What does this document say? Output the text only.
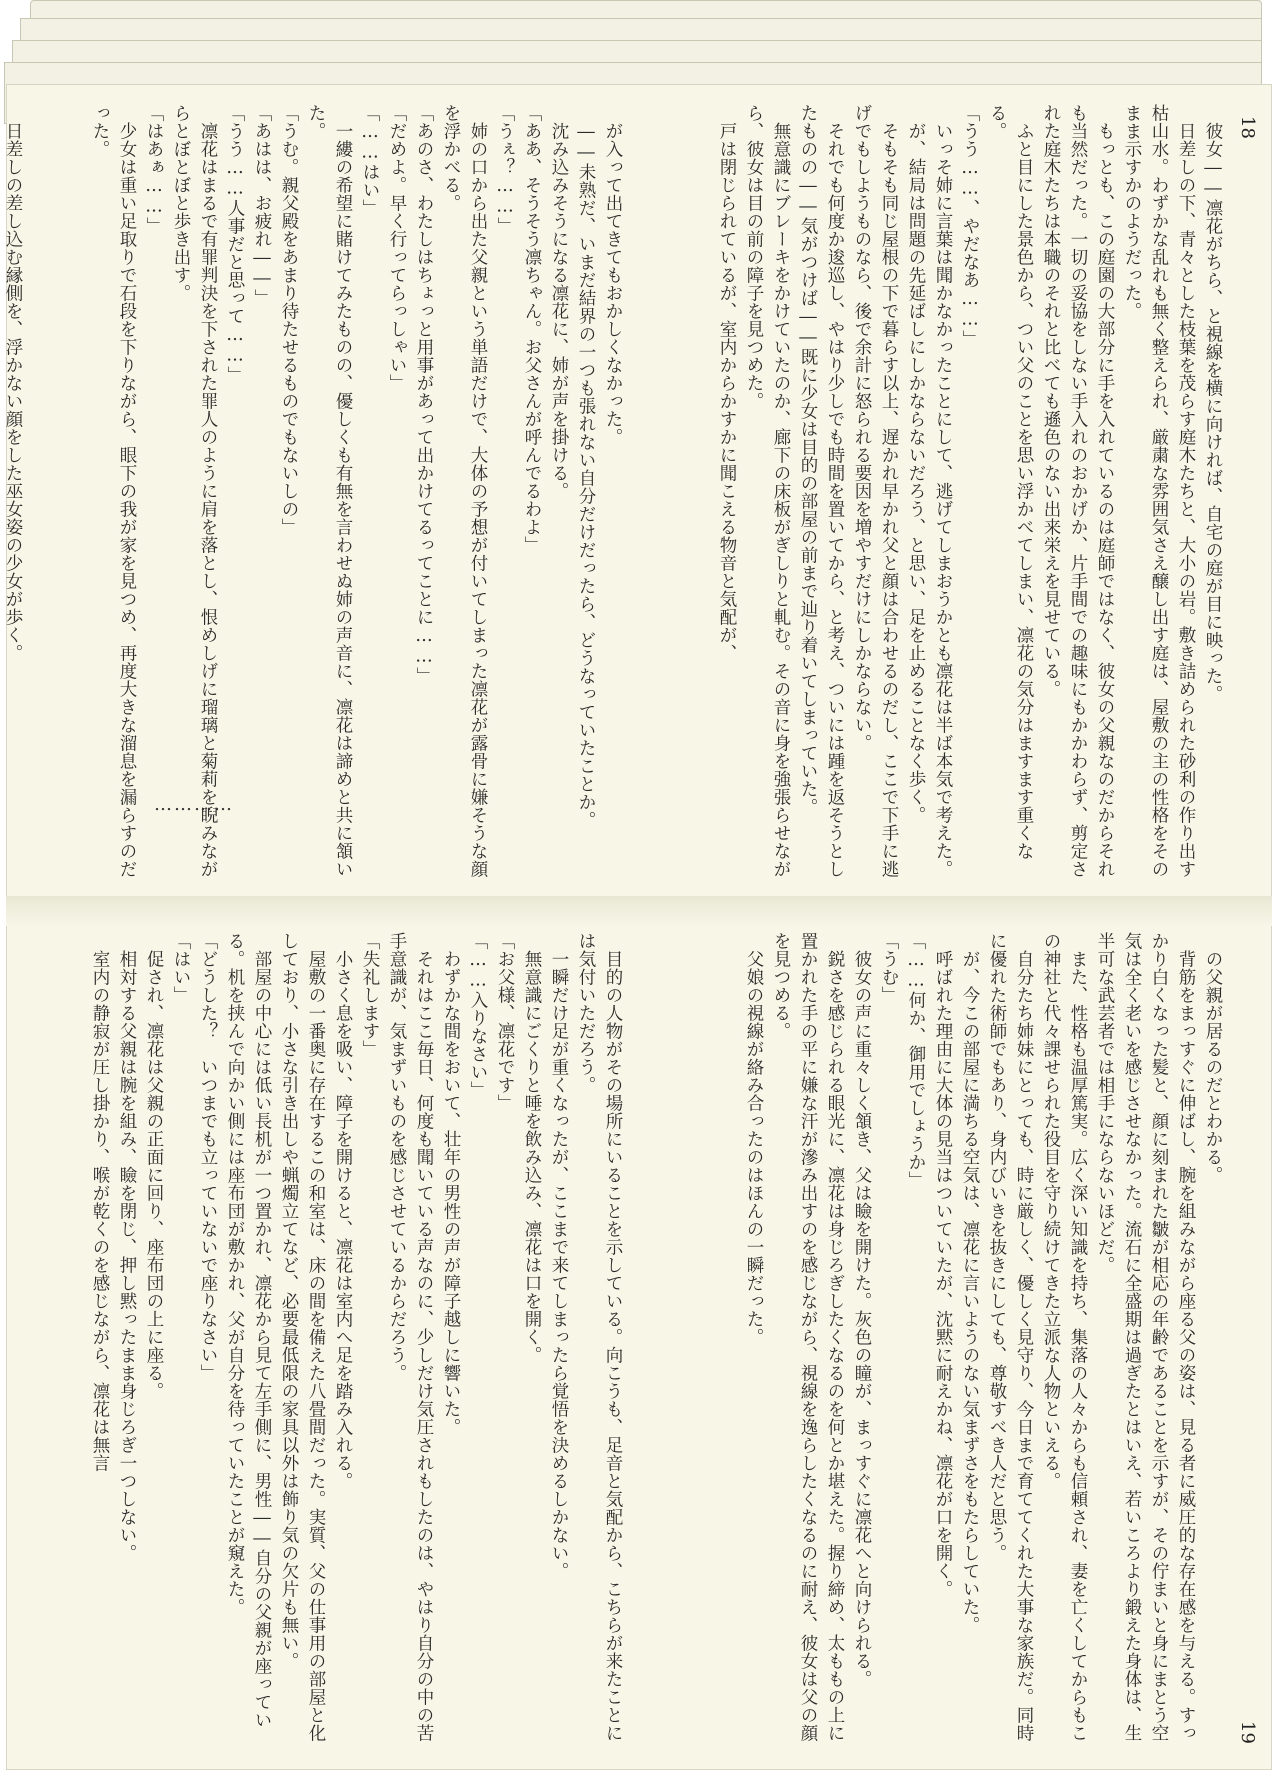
18

彼女――凛花がちら、と視線を横に向ければ、自宅の庭が目に映った。

日差しの下、青々とした枝葉を茂らす庭木たちと、大小の岩。敷き詰められた砂利の作り出す枯山水。わずかな乱れも無く整えられ、厳粛な雰囲気さえ醸し出す庭は、屋敷の主の性格をそのまま示すかのようだった。

もっとも、この庭園の大部分に手を入れているのは庭師ではなく、彼女の父親なのだからそれも当然だった。一切の妥協をしない手入れのおかげか、片手間での趣味にもかかわらず、剪定された庭木たちは本職のそれと比べても遜色のない出来栄えを見せている。

ふと目にした景色から、つい父のことを思い浮かべてしまい、凛花の気分はますます重くなる。

「うう……、やだなあ……」

いっそ姉に言葉は聞かなかったことにして、逃げてしまおうかとも凛花は半ば本気で考えた。

が、結局は問題の先延ばしにしかならないだろう、と思い、足を止めることなく歩く。

そもそも同じ屋根の下で暮らす以上、遅かれ早かれ父と顔は合わせるのだし、ここで下手に逃げでもしようものなら、後で余計に怒られる要因を増やすだけにしかならない。

それでも何度か逡巡し、やはり少しでも時間を置いてから、と考え、ついには踵を返そうとしたものの――気がつけば――既に少女は目的の部屋の前まで辿り着いてしまっていた。

無意識にブレーキをかけていたのか、廊下の床板がぎしりと軋む。その音に身を強張らせながら、彼女は目の前の障子を見つめた。

戸は閉じられているが、室内からかすかに聞こえる物音と気配が、

が入って出てきてもおかしくなかった。

――未熟だ、いまだ結界の一つも張れない自分だけだったら、どうなっていたことか。

沈み込みそうになる凛花に、姉が声を掛ける。

「ああ、そうそう凛ちゃん。お父さんが呼んでるわよ」

「うぇ？……」

姉の口から出た父親という単語だけで、大体の予想が付いてしまった凛花が露骨に嫌そうな顔を浮かべる。

「あのさ、わたしはちょっと用事があって出かけてるってことに……」

「だめよ。早く行ってらっしゃい」

「……はい」

一縷の希望に賭けてみたものの、優しくも有無を言わせぬ姉の声音に、凛花は諦めと共に頷いた。

「うむ。親父殿をあまり待たせるものでもないしの」

「あはは、お疲れ――」

「うう……人事だと思って……」

凛花はまるで有罪判決を下された罪人のように肩を落とし、恨めしげに瑠璃と菊莉を睨みながらとぼとぼと歩き出す。

「はあぁ……」

少女は重い足取りで石段を下りながら、眼下の我が家を見つめ、再度大きな溜息を漏らすのだった。

日差しの差し込む縁側を、浮かない顔をした巫女姿の少女が歩く。

…………

の父親が居るのだとわかる。

背筋をまっすぐに伸ばし、腕を組みながら座る父の姿は、見る者に威圧的な存在感を与える。すっかり白くなった髪と、顔に刻まれた皺が相応の年齢であることを示すが、その佇まいと身にまとう空気は全く老いを感じさせなかった。流石に全盛期は過ぎたとはいえ、若いころより鍛えた身体は、生半可な武芸者では相手にならないほどだ。

また、性格も温厚篤実。広く深い知識を持ち、集落の人々からも信頼され、妻を亡くしてからもこの神社と代々課せられた役目を守り続けてきた立派な人物といえる。

自分たち姉妹にとっても、時に厳しく、優しく見守り、今日まで育ててくれた大事な家族だ。同時に優れた術師でもあり、身内びいきを抜きにしても、尊敬すべき人だと思う。

が、今この部屋に満ちる空気は、凛花に言いようのない気まずさをもたらしていた。

呼ばれた理由に大体の見当はついていたが、沈黙に耐えかね、凛花が口を開く。

「……何か、御用でしょうか」

「うむ」

彼女の声に重々しく頷き、父は瞼を開けた。灰色の瞳が、まっすぐに凛花へと向けられる。

鋭さを感じられる眼光に、凛花は身じろぎしたくなるのを何とか堪えた。握り締め、太ももの上に置かれた手の平に嫌な汗が滲み出すのを感じながら、視線を逸らしたくなるのに耐え、彼女は父の顔を見つめる。

父娘の視線が絡み合ったのはほんの一瞬だった。

目的の人物がその場所にいることを示している。向こうも、足音と気配から、こちらが来たことには気付いただろう。

一瞬だけ足が重くなったが、ここまで来てしまったら覚悟を決めるしかない。

無意識にごくりと唾を飲み込み、凛花は口を開く。

「お父様、凛花です」

「……入りなさい」

わずかな間をおいて、壮年の男性の声が障子越しに響いた。

それはここ毎日、何度も聞いている声なのに、少しだけ気圧されもしたのは、やはり自分の中の苦手意識が、気まずいものを感じさせているからだろう。

「失礼します」

小さく息を吸い、障子を開けると、凛花は室内へ足を踏み入れる。

屋敷の一番奥に存在するこの和室は、床の間を備えた八畳間だった。実質、父の仕事用の部屋と化しており、小さな引き出しや蝋燭立てなど、必要最低限の家具以外は飾り気の欠片も無い。

部屋の中心には低い長机が一つ置かれ、凛花から見て左手側に、男性――自分の父親が座っている。机を挟んで向かい側には座布団が敷かれ、父が自分を待っていたことが窺えた。

「どうした？　いつまでも立っていないで座りなさい」

「はい」

促され、凛花は父親の正面に回り、座布団の上に座る。

相対する父親は腕を組み、瞼を閉じ、押し黙ったまま身じろぎ一つしない。

室内の静寂が圧し掛かり、喉が乾くのを感じながら、凛花は無言

19
